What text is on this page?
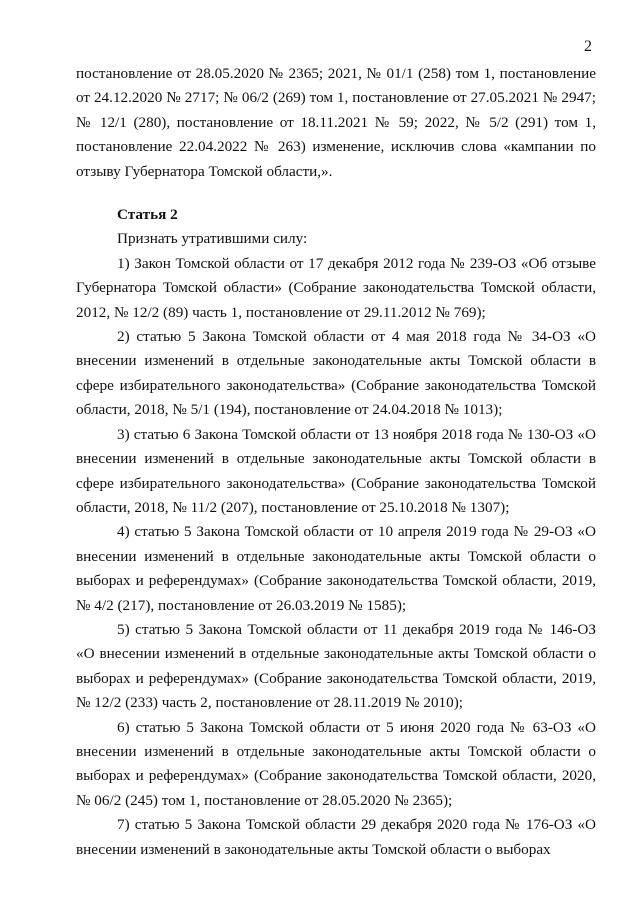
2

постановление от 28.05.2020 № 2365; 2021, № 01/1 (258) том 1, постановление от 24.12.2020 № 2717; № 06/2 (269) том 1, постановление от 27.05.2021 № 2947; № 12/1 (280), постановление от 18.11.2021 № 59; 2022, № 5/2 (291) том 1, постановление 22.04.2022 № 263) изменение, исключив слова «кампании по отзыву Губернатора Томской области,».

Статья 2

Признать утратившими силу:

1) Закон Томской области от 17 декабря 2012 года № 239-ОЗ «Об отзыве Губернатора Томской области» (Собрание законодательства Томской области, 2012, № 12/2 (89) часть 1, постановление от 29.11.2012 № 769);

2) статью 5 Закона Томской области от 4 мая 2018 года № 34-ОЗ «О внесении изменений в отдельные законодательные акты Томской области в сфере избирательного законодательства» (Собрание законодательства Томской области, 2018, № 5/1 (194), постановление от 24.04.2018 № 1013);

3) статью 6 Закона Томской области от 13 ноября 2018 года № 130-ОЗ «О внесении изменений в отдельные законодательные акты Томской области в сфере избирательного законодательства» (Собрание законодательства Томской области, 2018, № 11/2 (207), постановление от 25.10.2018 № 1307);

4) статью 5 Закона Томской области от 10 апреля 2019 года № 29-ОЗ «О внесении изменений в отдельные законодательные акты Томской области о выборах и референдумах» (Собрание законодательства Томской области, 2019, № 4/2 (217), постановление от 26.03.2019 № 1585);

5) статью 5 Закона Томской области от 11 декабря 2019 года № 146-ОЗ «О внесении изменений в отдельные законодательные акты Томской области о выборах и референдумах» (Собрание законодательства Томской области, 2019, № 12/2 (233) часть 2, постановление от 28.11.2019 № 2010);

6) статью 5 Закона Томской области от 5 июня 2020 года № 63-ОЗ «О внесении изменений в отдельные законодательные акты Томской области о выборах и референдумах» (Собрание законодательства Томской области, 2020, № 06/2 (245) том 1, постановление от 28.05.2020 № 2365);

7) статью 5 Закона Томской области 29 декабря 2020 года № 176-ОЗ «О внесении изменений в законодательные акты Томской области о выборах
